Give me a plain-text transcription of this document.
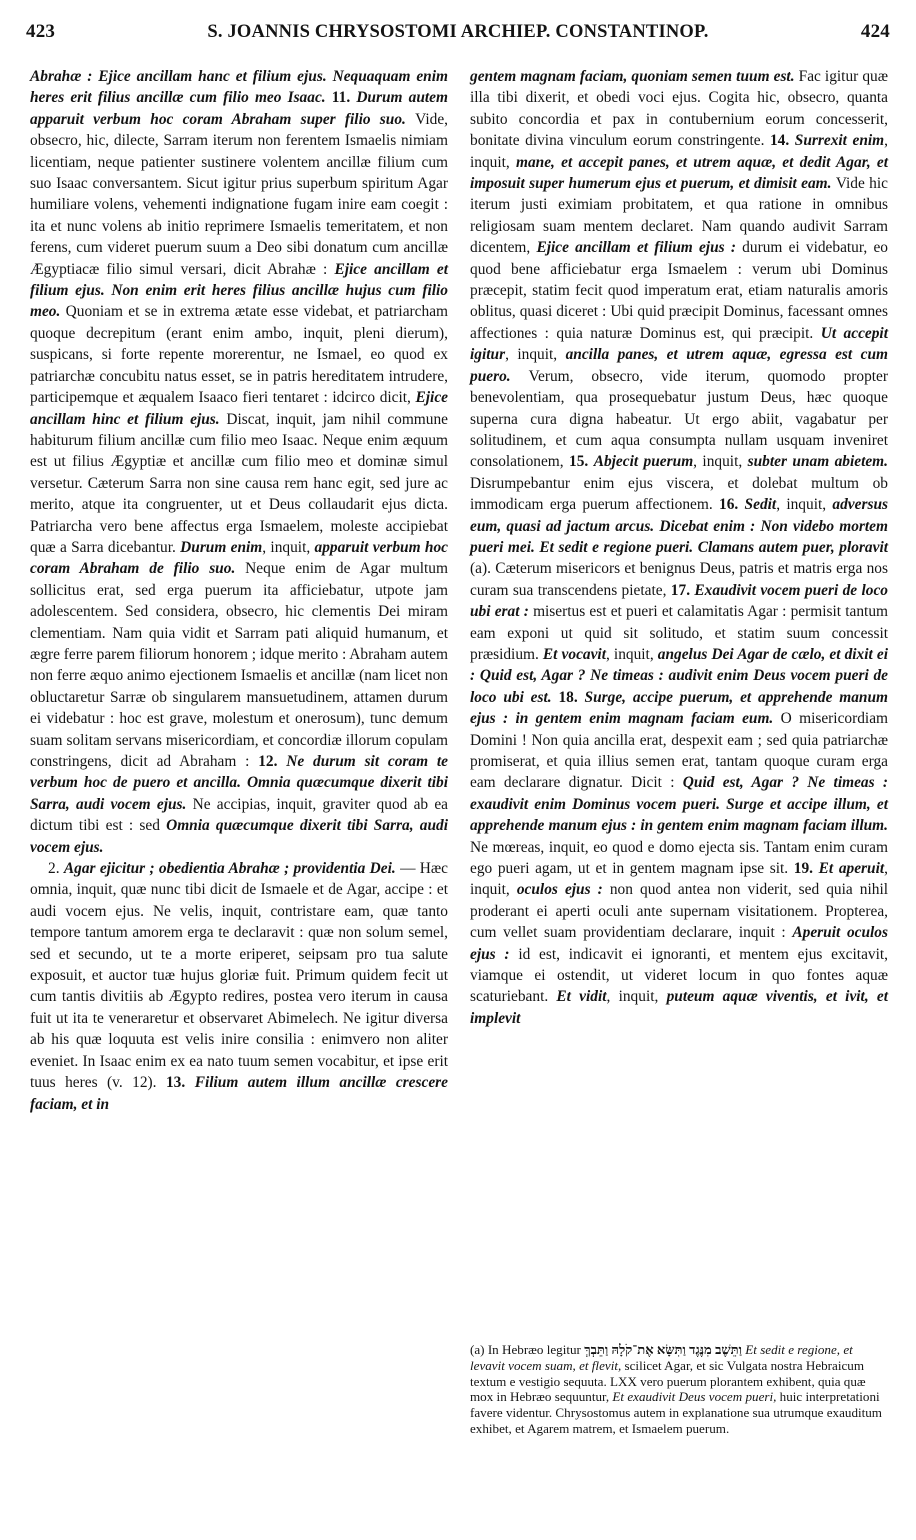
423	S. JOANNIS CHRYSOSTOMI ARCHIEP. CONSTANTINOP.	424

Abrahæ : Ejice ancillam hanc et filium ejus. Nequaquam enim heres erit filius ancillæ cum filio meo Isaac. 11. Durum autem apparuit verbum hoc coram Abraham super filio suo. Vide, obsecro, hic, dilecte, Sarram iterum non ferentem Ismaelis nimiam licentiam, neque patienter sustinere volentem ancillæ filium cum suo Isaac conversantem. Sicut igitur prius superbum spiritum Agar humiliare volens, vehementi indignatione fugam inire eam coegit : ita et nunc volens ab initio reprimere Ismaelis temeritatem, et non ferens, cum videret puerum suum a Deo sibi donatum cum ancillæ Ægyptiacæ filio simul versari, dicit Abrahæ : Ejice ancillam et filium ejus. Non enim erit heres filius ancillæ hujus cum filio meo. Quoniam et se in extrema ætate esse videbat, et patriarcham quoque decrepitum (erant enim ambo, inquit, pleni dierum), suspicans, si forte repente morerentur, ne Ismael, eo quod ex patriarchæ concubitu natus esset, se in patris hereditatem intrudere, participemque et æqualem Isaaco fieri tentaret : idcirco dicit, Ejice ancillam hinc et filium ejus. Discat, inquit, jam nihil commune habiturum filium ancillæ cum filio meo Isaac. Neque enim æquum est ut filius Ægyptiæ et ancillæ cum filio meo et dominæ simul versetur. Cæterum Sarra non sine causa rem hanc egit, sed jure ac merito, atque ita congruenter, ut et Deus collaudarit ejus dicta. Patriarcha vero bene affectus erga Ismaelem, moleste accipiebat quæ a Sarra dicebantur. Durum enim, inquit, apparuit verbum hoc coram Abraham de filio suo. Neque enim de Agar multum sollicitus erat, sed erga puerum ita afficiebatur, utpote jam adolescentem. Sed considera, obsecro, hic clementis Dei miram clementiam. Nam quia vidit et Sarram pati aliquid humanum, et ægre ferre parem filiorum honorem ; idque merito : Abraham autem non ferre æquo animo ejectionem Ismaelis et ancillæ (nam licet non obluctaretur Sarræ ob singularem mansuetudinem, attamen durum ei videbatur : hoc est grave, molestum et onerosum), tunc demum suam solitam servans misericordiam, et concordiæ illorum copulam constringens, dicit ad Abraham : 12. Ne durum sit coram te verbum hoc de puero et ancilla. Omnia quæcumque dixerit tibi Sarra, audi vocem ejus. Ne accipias, inquit, graviter quod ab ea dictum tibi est : sed Omnia quæcumque dixerit tibi Sarra, audi vocem ejus.

2. Agar ejicitur ; obedientia Abrahæ ; providentia Dei. — Hæc omnia, inquit, quæ nunc tibi dicit de Ismaele et de Agar, accipe : et audi vocem ejus. Ne velis, inquit, contristare eam, quæ tanto tempore tantum amorem erga te declaravit : quæ non solum semel, sed et secundo, ut te a morte eriperet, seipsam pro tua salute exposuit, et auctor tuæ hujus gloriæ fuit. Primum quidem fecit ut cum tantis divitiis ab Ægypto redires, postea vero iterum in causa fuit ut ita te veneraretur et observaret Abimelech. Ne igitur diversa ab his quæ loquuta est velis inire consilia : enimvero non aliter eveniet. In Isaac enim ex ea nato tuum semen vocabitur, et ipse erit tuus heres (v. 12). 13. Filium autem illum ancillæ crescere faciam, et in

gentem magnam faciam, quoniam semen tuum est. Fac igitur quæ illa tibi dixerit, et obedi voci ejus. Cogita hic, obsecro, quanta subito concordia et pax in contubernium eorum concesserit, bonitate divina vinculum eorum constringente. 14. Surrexit enim, inquit, mane, et accepit panes, et utrem aquæ, et dedit Agar, et imposuit super humerum ejus et puerum, et dimisit eam. Vide hic iterum justi eximiam probitatem, et qua ratione in omnibus religiosam suam mentem declaret. Nam quando audivit Sarram dicentem, Ejice ancillam et filium ejus : durum ei videbatur, eo quod bene afficiebatur erga Ismaelem : verum ubi Dominus præcepit, statim fecit quod imperatum erat, etiam naturalis amoris oblitus, quasi diceret : Ubi quid præcipit Dominus, facessant omnes affectiones : quia naturæ Dominus est, qui præcipit. Ut accepit igitur, inquit, ancilla panes, et utrem aquæ, egressa est cum puero. Verum, obsecro, vide iterum, quomodo propter benevolentiam, qua prosequebatur justum Deus, hæc quoque superna cura digna habeatur. Ut ergo abiit, vagabatur per solitudinem, et cum aqua consumpta nullam usquam inveniret consolationem, 15. Abjecit puerum, inquit, subter unam abietem. Disrumpebantur enim ejus viscera, et dolebat multum ob immodicam erga puerum affectionem. 16. Sedit, inquit, adversus eum, quasi ad jactum arcus. Dicebat enim : Non videbo mortem pueri mei. Et sedit e regione pueri. Clamans autem puer, ploravit (a). Cæterum misericors et benignus Deus, patris et matris erga nos curam sua transcendens pietate, 17. Exaudivit vocem pueri de loco ubi erat : misertus est et pueri et calamitatis Agar : permisit tantum eam exponi ut quid sit solitudo, et statim suum concessit præsidium. Et vocavit, inquit, angelus Dei Agar de cælo, et dixit ei : Quid est, Agar ? Ne timeas : audivit enim Deus vocem pueri de loco ubi est. 18. Surge, accipe puerum, et apprehende manum ejus : in gentem enim magnam faciam eum. O misericordiam Domini ! Non quia ancilla erat, despexit eam ; sed quia patriarchæ promiserat, et quia illius semen erat, tantam quoque curam erga eam declarare dignatur. Dicit : Quid est, Agar ? Ne timeas : exaudivit enim Dominus vocem pueri. Surge et accipe illum, et apprehende manum ejus : in gentem enim magnam faciam illum. Ne mœreas, inquit, eo quod e domo ejecta sis. Tantam enim curam ego pueri agam, ut et in gentem magnam ipse sit. 19. Et aperuit, inquit, oculos ejus : non quod antea non viderit, sed quia nihil proderant ei aperti oculi ante supernam visitationem. Propterea, cum vellet suam providentiam declarare, inquit : Aperuit oculos ejus : id est, indicavit ei ignoranti, et mentem ejus excitavit, viamque ei ostendit, ut videret locum in quo fontes aquæ scaturiebant. Et vidit, inquit, puteum aquæ viventis, et ivit, et implevit

(a) In Hebræo legitur וַתֵּשֶׁב מִנֶּגֶד וַתִּשָּׂא אֶת־קֹלָהּ וַתֵּבְךְּ Et sedit e regione, et levavit vocem suam, et flevit, scilicet Agar, et sic Vulgata nostra Hebraicum textum e vestigio sequuta. LXX vero puerum plorantem exhibent, quia quæ mox in Hebræo sequuntur, Et exaudivit Deus vocem pueri, huic interpretationi favere videntur. Chrysostomus autem in explanatione sua utrumque exauditum exhibet, et Agarem matrem, et Ismaelem puerum.
